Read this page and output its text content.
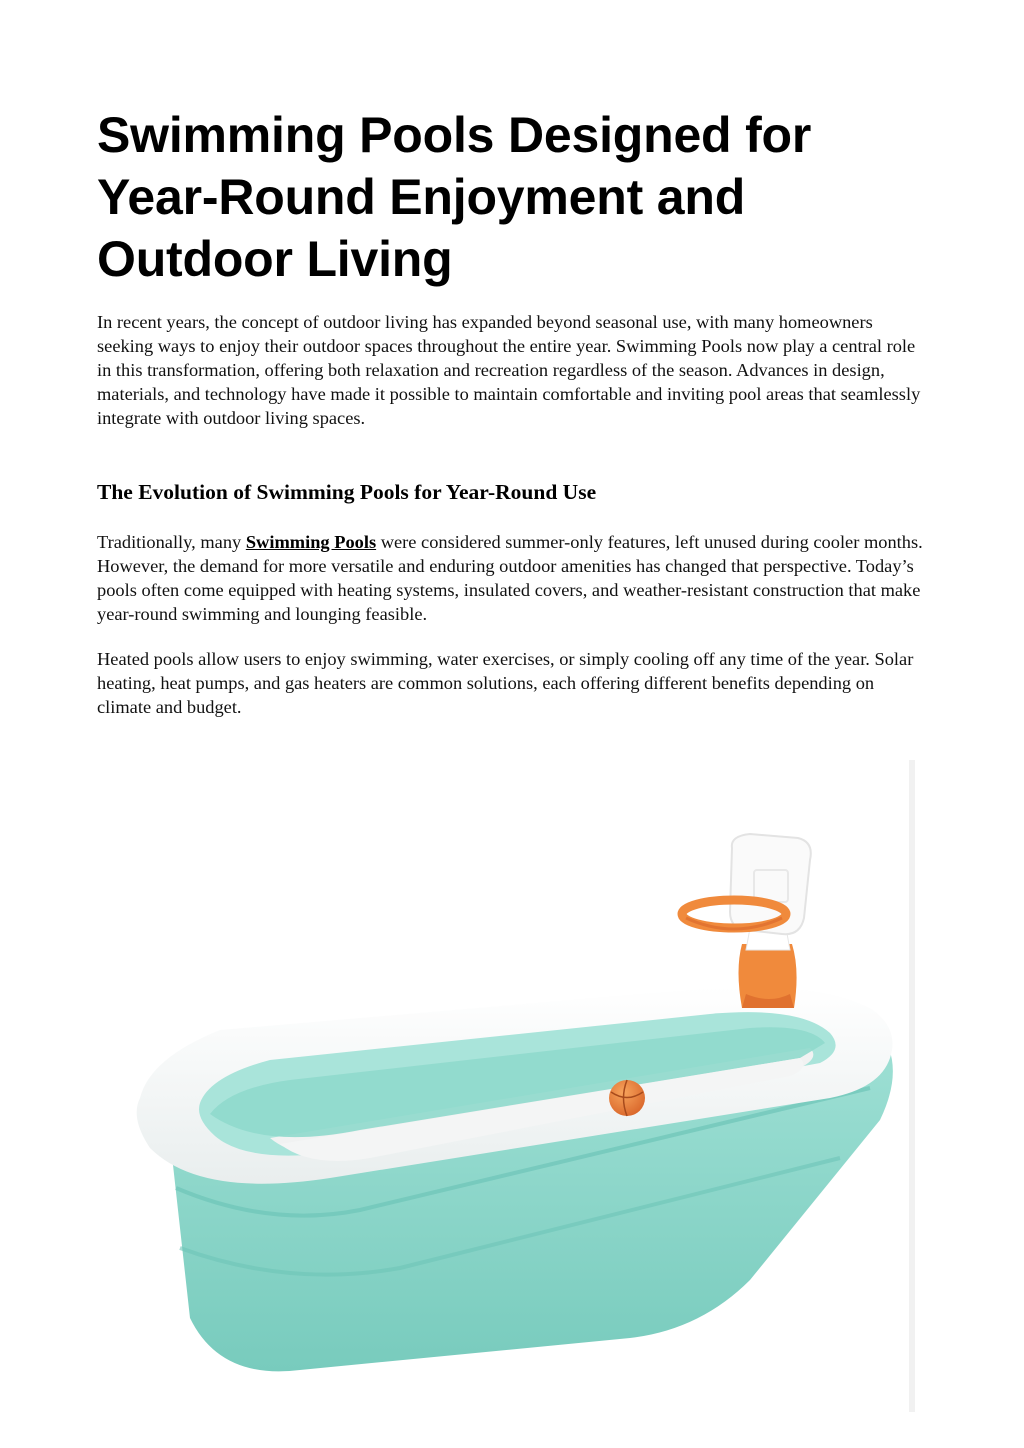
Swimming Pools Designed for Year-Round Enjoyment and Outdoor Living

In recent years, the concept of outdoor living has expanded beyond seasonal use, with many homeowners seeking ways to enjoy their outdoor spaces throughout the entire year. Swimming Pools now play a central role in this transformation, offering both relaxation and recreation regardless of the season. Advances in design, materials, and technology have made it possible to maintain comfortable and inviting pool areas that seamlessly integrate with outdoor living spaces.

The Evolution of Swimming Pools for Year-Round Use

Traditionally, many Swimming Pools were considered summer-only features, left unused during cooler months. However, the demand for more versatile and enduring outdoor amenities has changed that perspective. Today’s pools often come equipped with heating systems, insulated covers, and weather-resistant construction that make year-round swimming and lounging feasible.

Heated pools allow users to enjoy swimming, water exercises, or simply cooling off any time of the year. Solar heating, heat pumps, and gas heaters are common solutions, each offering different benefits depending on climate and budget.
